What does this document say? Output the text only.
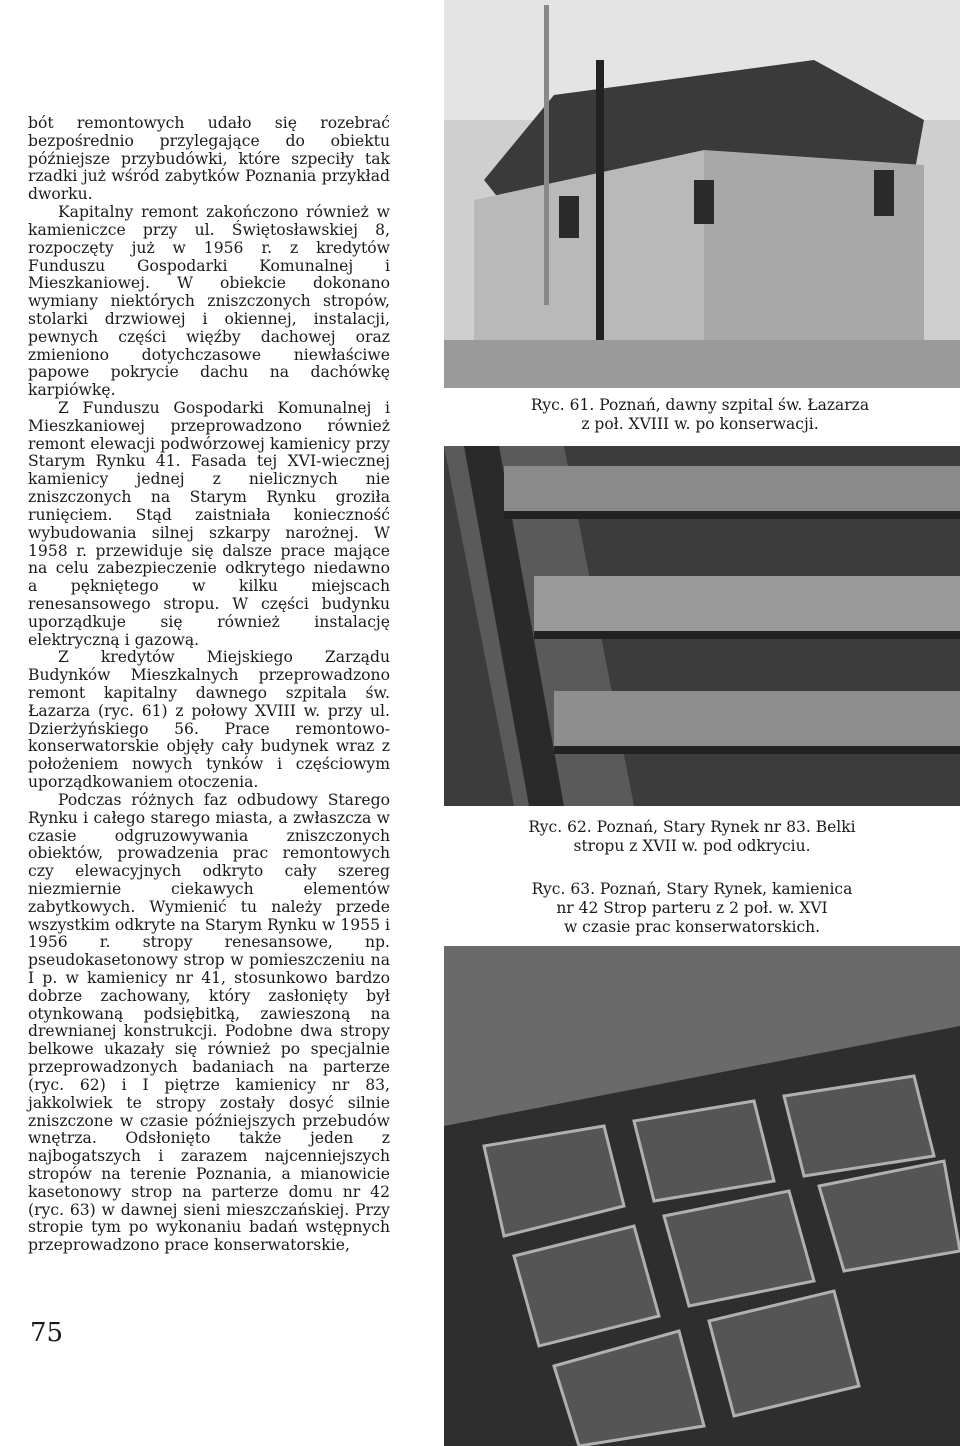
bót remontowych udało się rozebrać bezpośrednio przylegające do obiektu późniejsze przybudówki, które szpeciły tak rzadki już wśród zabytków Poznania przykład dworku.

Kapitalny remont zakończono również w kamieniczce przy ul. Świętosławskiej 8, rozpoczęty już w 1956 r. z kredytów Funduszu Gospodarki Komunalnej i Mieszkaniowej. W obiekcie dokonano wymiany niektórych zniszczonych stropów, stolarki drzwiowej i okiennej, instalacji, pewnych części więźby dachowej oraz zmieniono dotychczasowe niewłaściwe papowe pokrycie dachu na dachówkę karpiówkę.

Z Funduszu Gospodarki Komunalnej i Mieszkaniowej przeprowadzono również remont elewacji podwórzowej kamienicy przy Starym Rynku 41. Fasada tej XVI-wiecznej kamienicy jednej z nielicznych nie zniszczonych na Starym Rynku groziła runięciem. Stąd zaistniała konieczność wybudowania silnej szkarpy narożnej. W 1958 r. przewiduje się dalsze prace mające na celu zabezpieczenie odkrytego niedawno a pękniętego w kilku miejscach renesansowego stropu. W części budynku uporządkuje się również instalację elektryczną i gazową.

Z kredytów Miejskiego Zarządu Budynków Mieszkalnych przeprowadzono remont kapitalny dawnego szpitala św. Łazarza (ryc. 61) z połowy XVIII w. przy ul. Dzierżyńskiego 56. Prace remontowo-konserwatorskie objęły cały budynek wraz z położeniem nowych tynków i częściowym uporządkowaniem otoczenia.

Podczas różnych faz odbudowy Starego Rynku i całego starego miasta, a zwłaszcza w czasie odgruzowywania zniszczonych obiektów, prowadzenia prac remontowych czy elewacyjnych odkryto cały szereg niezmiernie ciekawych elementów zabytkowych. Wymienić tu należy przede wszystkim odkryte na Starym Rynku w 1955 i 1956 r. stropy renesansowe, np. pseudokasetonowy strop w pomieszczeniu na I p. w kamienicy nr 41, stosunkowo bardzo dobrze zachowany, który zasłonięty był otynkowaną podsiębitką, zawieszoną na drewnianej konstrukcji. Podobne dwa stropy belkowe ukazały się również po specjalnie przeprowadzonych badaniach na parterze (ryc. 62) i I piętrze kamienicy nr 83, jakkolwiek te stropy zostały dosyć silnie zniszczone w czasie późniejszych przebudów wnętrza. Odsłonięto także jeden z najbogatszych i zarazem najcenniejszych stropów na terenie Poznania, a mianowicie kasetonowy strop na parterze domu nr 42 (ryc. 63) w dawnej sieni mieszczańskiej. Przy stropie tym po wykonaniu badań wstępnych przeprowadzono prace konserwatorskie,

Ryc. 61. Poznań, dawny szpital św. Łazarza
z poł. XVIII w. po konserwacji.
Ryc. 62. Poznań, Stary Rynek nr 83. Belki
stropu z XVII w. pod odkryciu.
Ryc. 63. Poznań, Stary Rynek, kamienica
nr 42 Strop parteru z 2 poł. w. XVI
w czasie prac konserwatorskich.
75
